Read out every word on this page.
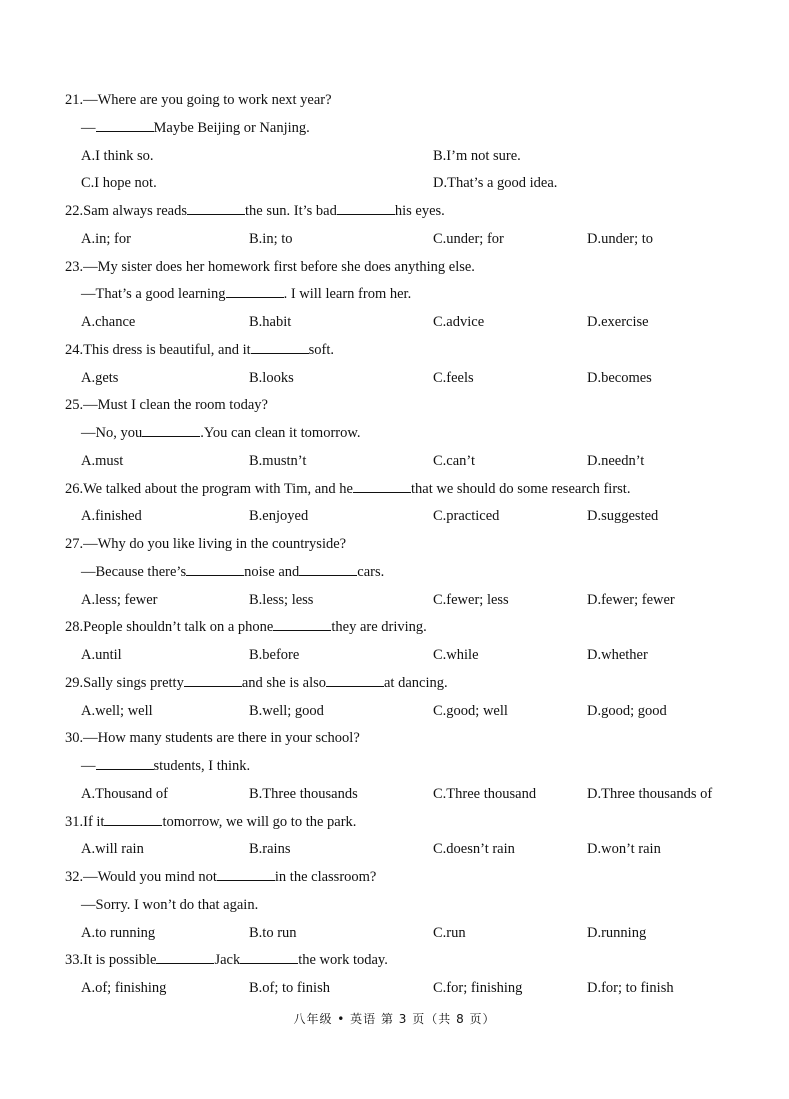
21.—Where are you going to work next year?
—	Maybe Beijing or Nanjing.
A.I think so.	B.I’m not sure.
C.I hope not.	D.That’s a good idea.
22.Sam always reads	the sun. It’s bad	his eyes.
A.in; for	B.in; to	C.under; for	D.under; to
23.—My sister does her homework first before she does anything else.
—That’s a good learning	. I will learn from her.
A.chance	B.habit	C.advice	D.exercise
24.This dress is beautiful, and it	soft.
A.gets	B.looks	C.feels	D.becomes
25.—Must I clean the room today?
—No, you	.You can clean it tomorrow.
A.must	B.mustn’t	C.can’t	D.needn’t
26.We talked about the program with Tim, and he	that we should do some research first.
A.finished	B.enjoyed	C.practiced	D.suggested
27.—Why do you like living in the countryside?
—Because there’s	noise and	cars.
A.less; fewer	B.less; less	C.fewer; less	D.fewer; fewer
28.People shouldn’t talk on a phone	they are driving.
A.until	B.before	C.while	D.whether
29.Sally sings pretty	and she is also	at dancing.
A.well; well	B.well; good	C.good; well	D.good; good
30.—How many students are there in your school?
—	students, I think.
A.Thousand of	B.Three thousands	C.Three thousand	D.Three thousands of
31.If it	tomorrow, we will go to the park.
A.will rain	B.rains	C.doesn’t rain	D.won’t rain
32.—Would you mind not	in the classroom?
—Sorry. I won’t do that again.
A.to running	B.to run	C.run	D.running
33.It is possible	Jack	the work today.
A.of; finishing	B.of; to finish	C.for; finishing	D.for; to finish
八年级 • 英语 第 3 页（共 8 页）
